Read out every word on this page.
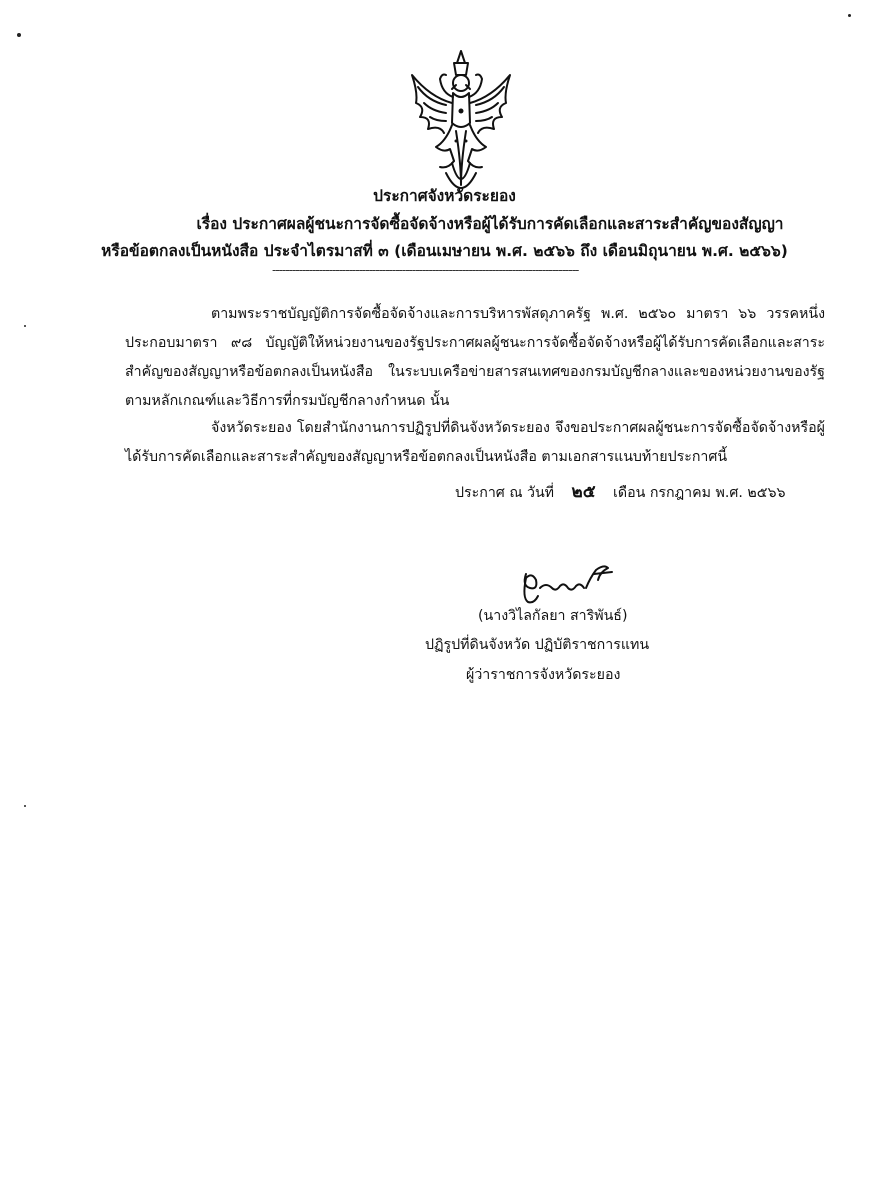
ประกาศจังหวัดระยอง
เรื่อง ประกาศผลผู้ชนะการจัดซื้อจัดจ้างหรือผู้ได้รับการคัดเลือกและสาระสำคัญของสัญญา
หรือข้อตกลงเป็นหนังสือ ประจำไตรมาสที่ ๓ (เดือนเมษายน พ.ศ. ๒๕๖๖ ถึง เดือนมิถุนายน พ.ศ. ๒๕๖๖)
--------------------------------------------------------------------------------------------
ตามพระราชบัญญัติการจัดซื้อจัดจ้างและการบริหารพัสดุภาครัฐ พ.ศ. ๒๕๖๐ มาตรา ๖๖ วรรคหนึ่ง ประกอบมาตรา ๙๘ บัญญัติให้หน่วยงานของรัฐประกาศผลผู้ชนะการจัดซื้อจัดจ้างหรือผู้ได้รับการคัดเลือกและสาระสำคัญของสัญญาหรือข้อตกลงเป็นหนังสือ ในระบบเครือข่ายสารสนเทศของกรมบัญชีกลางและของหน่วยงานของรัฐตามหลักเกณฑ์และวิธีการที่กรมบัญชีกลางกำหนด นั้น
จังหวัดระยอง โดยสำนักงานการปฏิรูปที่ดินจังหวัดระยอง จึงขอประกาศผลผู้ชนะการจัดซื้อจัดจ้างหรือผู้ได้รับการคัดเลือกและสาระสำคัญของสัญญาหรือข้อตกลงเป็นหนังสือ ตามเอกสารแนบท้ายประกาศนี้
ประกาศ ณ วันที่ ๒๕ เดือน กรกฎาคม พ.ศ. ๒๕๖๖
(นางวิไลกัลยา สาริพันธ์)
ปฏิรูปที่ดินจังหวัด ปฏิบัติราชการแทน
ผู้ว่าราชการจังหวัดระยอง
